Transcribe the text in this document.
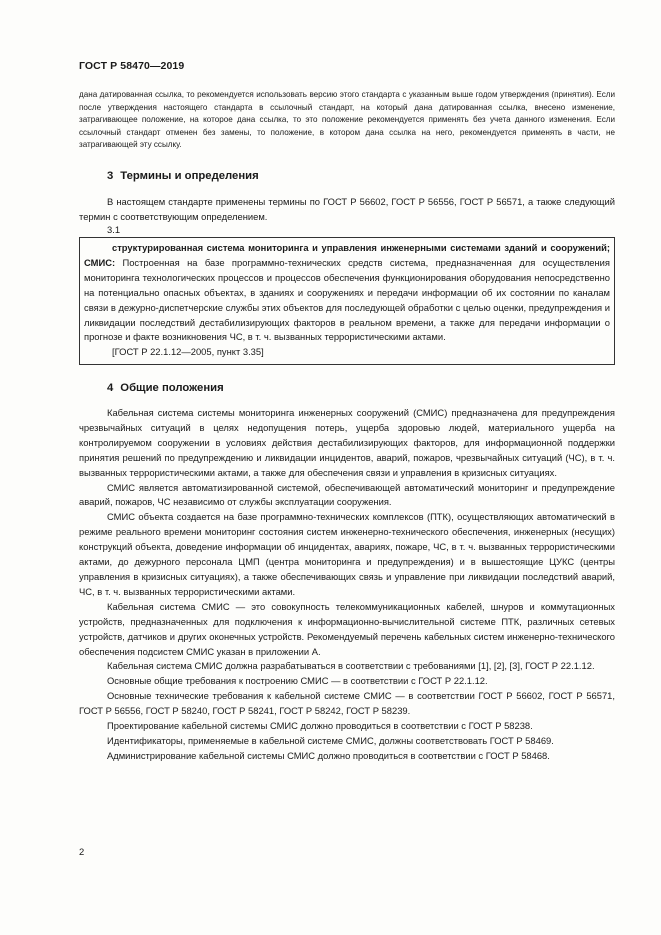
ГОСТ Р 58470—2019
дана датированная ссылка, то рекомендуется использовать версию этого стандарта с указанным выше годом утверждения (принятия). Если после утверждения настоящего стандарта в ссылочный стандарт, на который дана датированная ссылка, внесено изменение, затрагивающее положение, на которое дана ссылка, то это положение рекомендуется применять без учета данного изменения. Если ссылочный стандарт отменен без замены, то положение, в котором дана ссылка на него, рекомендуется применять в части, не затрагивающей эту ссылку.
3 Термины и определения

В настоящем стандарте применены термины по ГОСТ Р 56602, ГОСТ Р 56556, ГОСТ Р 56571, а также следующий термин с соответствующим определением.

3.1

структурированная система мониторинга и управления инженерными системами зданий и сооружений; СМИС: Построенная на базе программно-технических средств система, предназначенная для осуществления мониторинга технологических процессов и процессов обеспечения функционирования оборудования непосредственно на потенциально опасных объектах, в зданиях и сооружениях и передачи информации об их состоянии по каналам связи в дежурно-диспетчерские службы этих объектов для последующей обработки с целью оценки, предупреждения и ликвидации последствий дестабилизирующих факторов в реальном времени, а также для передачи информации о прогнозе и факте возникновения ЧС, в т. ч. вызванных террористическими актами.

[ГОСТ Р 22.1.12—2005, пункт 3.35]
4 Общие положения

Кабельная система системы мониторинга инженерных сооружений (СМИС) предназначена для предупреждения чрезвычайных ситуаций в целях недопущения потерь, ущерба здоровью людей, материального ущерба на контролируемом сооружении в условиях действия дестабилизирующих факторов, для информационной поддержки принятия решений по предупреждению и ликвидации инцидентов, аварий, пожаров, чрезвычайных ситуаций (ЧС), в т. ч. вызванных террористическими актами, а также для обеспечения связи и управления в кризисных ситуациях.

СМИС является автоматизированной системой, обеспечивающей автоматический мониторинг и предупреждение аварий, пожаров, ЧС независимо от службы эксплуатации сооружения.

СМИС объекта создается на базе программно-технических комплексов (ПТК), осуществляющих автоматический в режиме реального времени мониторинг состояния систем инженерно-технического обеспечения, инженерных (несущих) конструкций объекта, доведение информации об инцидентах, авариях, пожаре, ЧС, в т. ч. вызванных террористическими актами, до дежурного персонала ЦМП (центра мониторинга и предупреждения) и в вышестоящие ЦУКС (центры управления в кризисных ситуациях), а также обеспечивающих связь и управление при ликвидации последствий аварий, ЧС, в т. ч. вызванных террористическими актами.

Кабельная система СМИС — это совокупность телекоммуникационных кабелей, шнуров и коммутационных устройств, предназначенных для подключения к информационно-вычислительной системе ПТК, различных сетевых устройств, датчиков и других оконечных устройств. Рекомендуемый перечень кабельных систем инженерно-технического обеспечения подсистем СМИС указан в приложении А.

Кабельная система СМИС должна разрабатываться в соответствии с требованиями [1], [2], [3], ГОСТ Р 22.1.12.

Основные общие требования к построению СМИС — в соответствии с ГОСТ Р 22.1.12.

Основные технические требования к кабельной системе СМИС — в соответствии ГОСТ Р 56602, ГОСТ Р 56571, ГОСТ Р 56556, ГОСТ Р 58240, ГОСТ Р 58241, ГОСТ Р 58242, ГОСТ Р 58239.

Проектирование кабельной системы СМИС должно проводиться в соответствии с ГОСТ Р 58238.

Идентификаторы, применяемые в кабельной системе СМИС, должны соответствовать ГОСТ Р 58469.

Администрирование кабельной системы СМИС должно проводиться в соответствии с ГОСТ Р 58468.

2
